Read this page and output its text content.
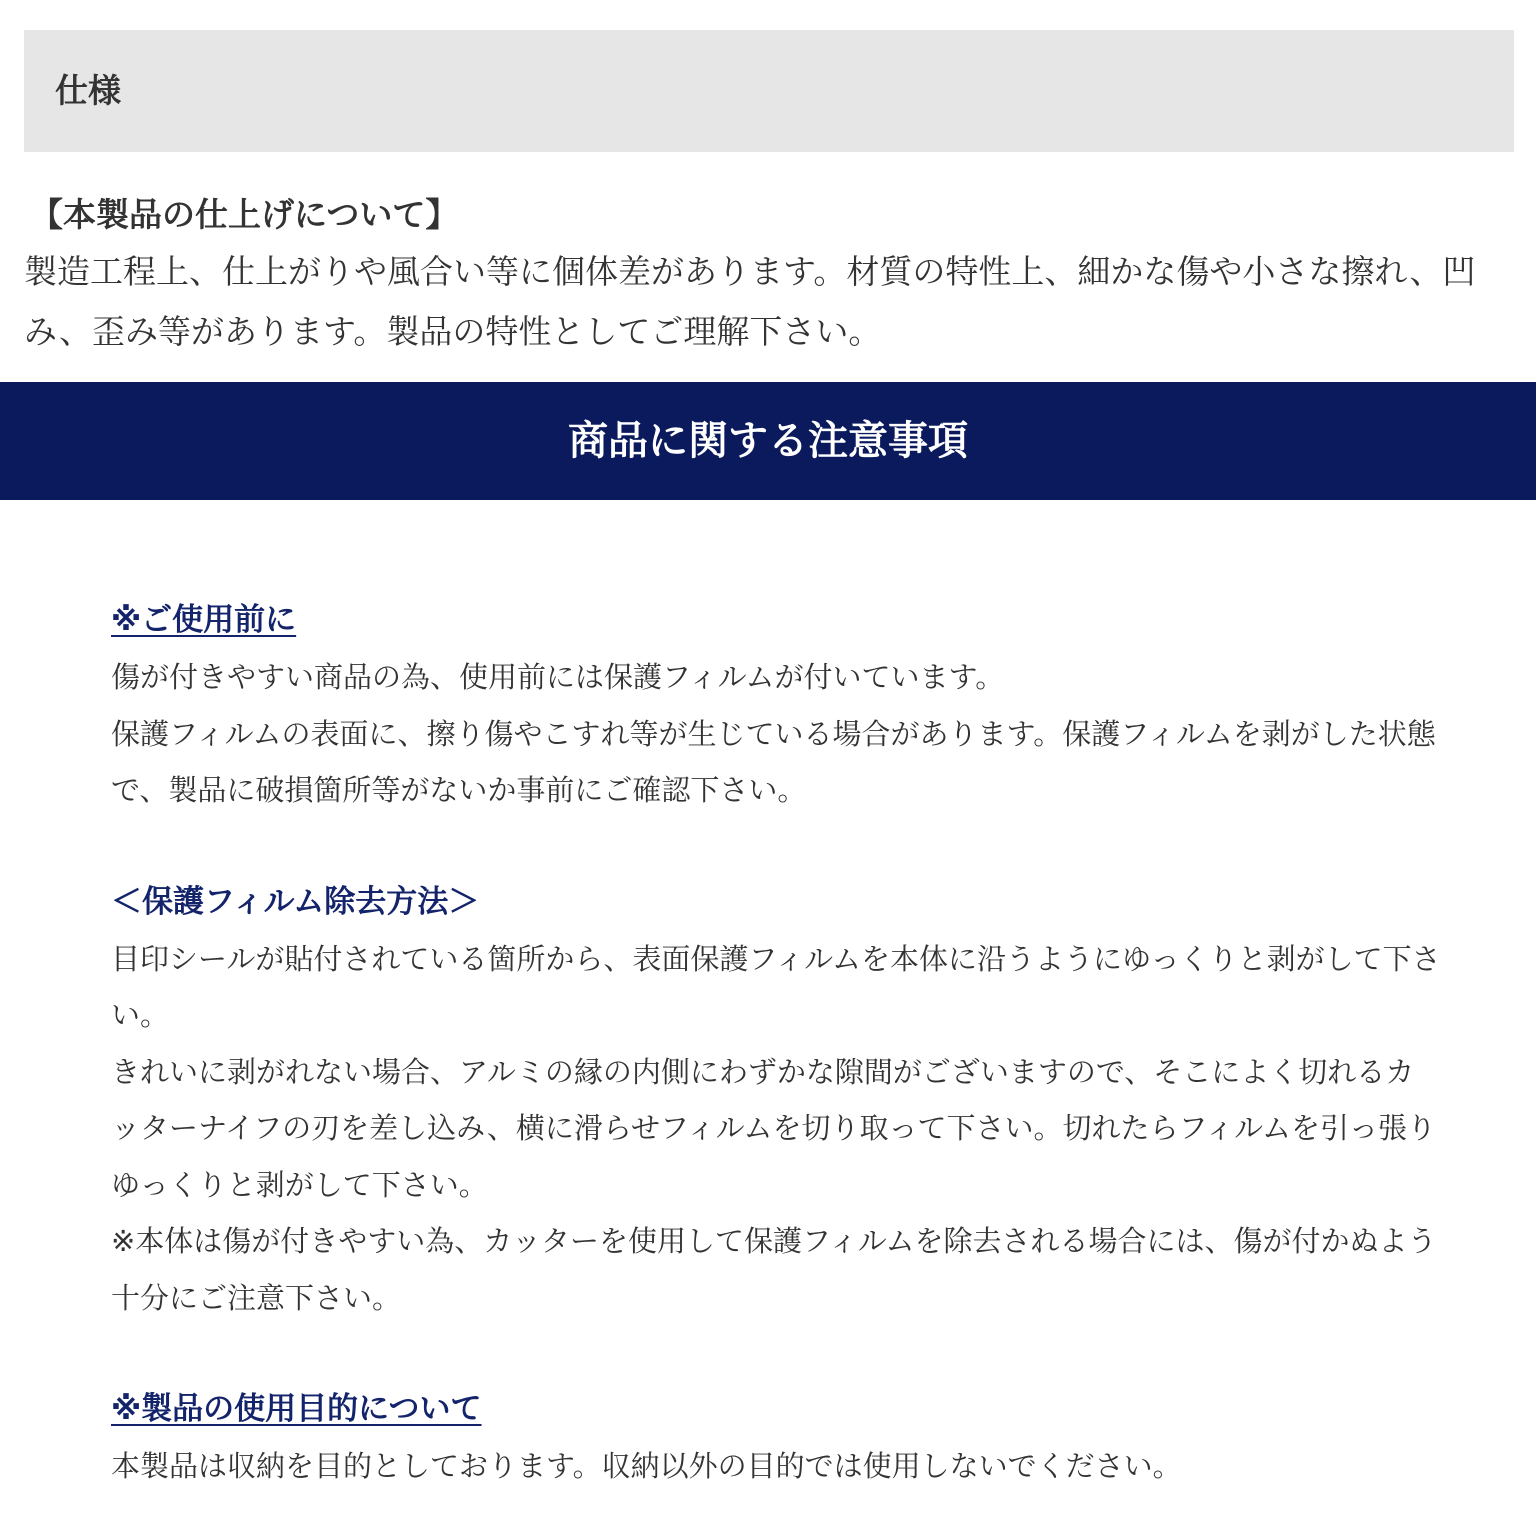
仕様

【本製品の仕上げについて】

製造工程上、仕上がりや風合い等に個体差があります。材質の特性上、細かな傷や小さな擦れ、凹み、歪み等があります。製品の特性としてご理解下さい。

商品に関する注意事項
※ご使用前に

傷が付きやすい商品の為、使用前には保護フィルムが付いています。

保護フィルムの表面に、擦り傷やこすれ等が生じている場合があります。保護フィルムを剥がした状態で、製品に破損箇所等がないか事前にご確認下さい。

＜保護フィルム除去方法＞

目印シールが貼付されている箇所から、表面保護フィルムを本体に沿うようにゆっくりと剥がして下さい。

きれいに剥がれない場合、アルミの縁の内側にわずかな隙間がございますので、そこによく切れるカッターナイフの刃を差し込み、横に滑らせフィルムを切り取って下さい。切れたらフィルムを引っ張りゆっくりと剥がして下さい。

※本体は傷が付きやすい為、カッターを使用して保護フィルムを除去される場合には、傷が付かぬよう十分にご注意下さい。

※製品の使用目的について

本製品は収納を目的としております。収納以外の目的では使用しないでください。
